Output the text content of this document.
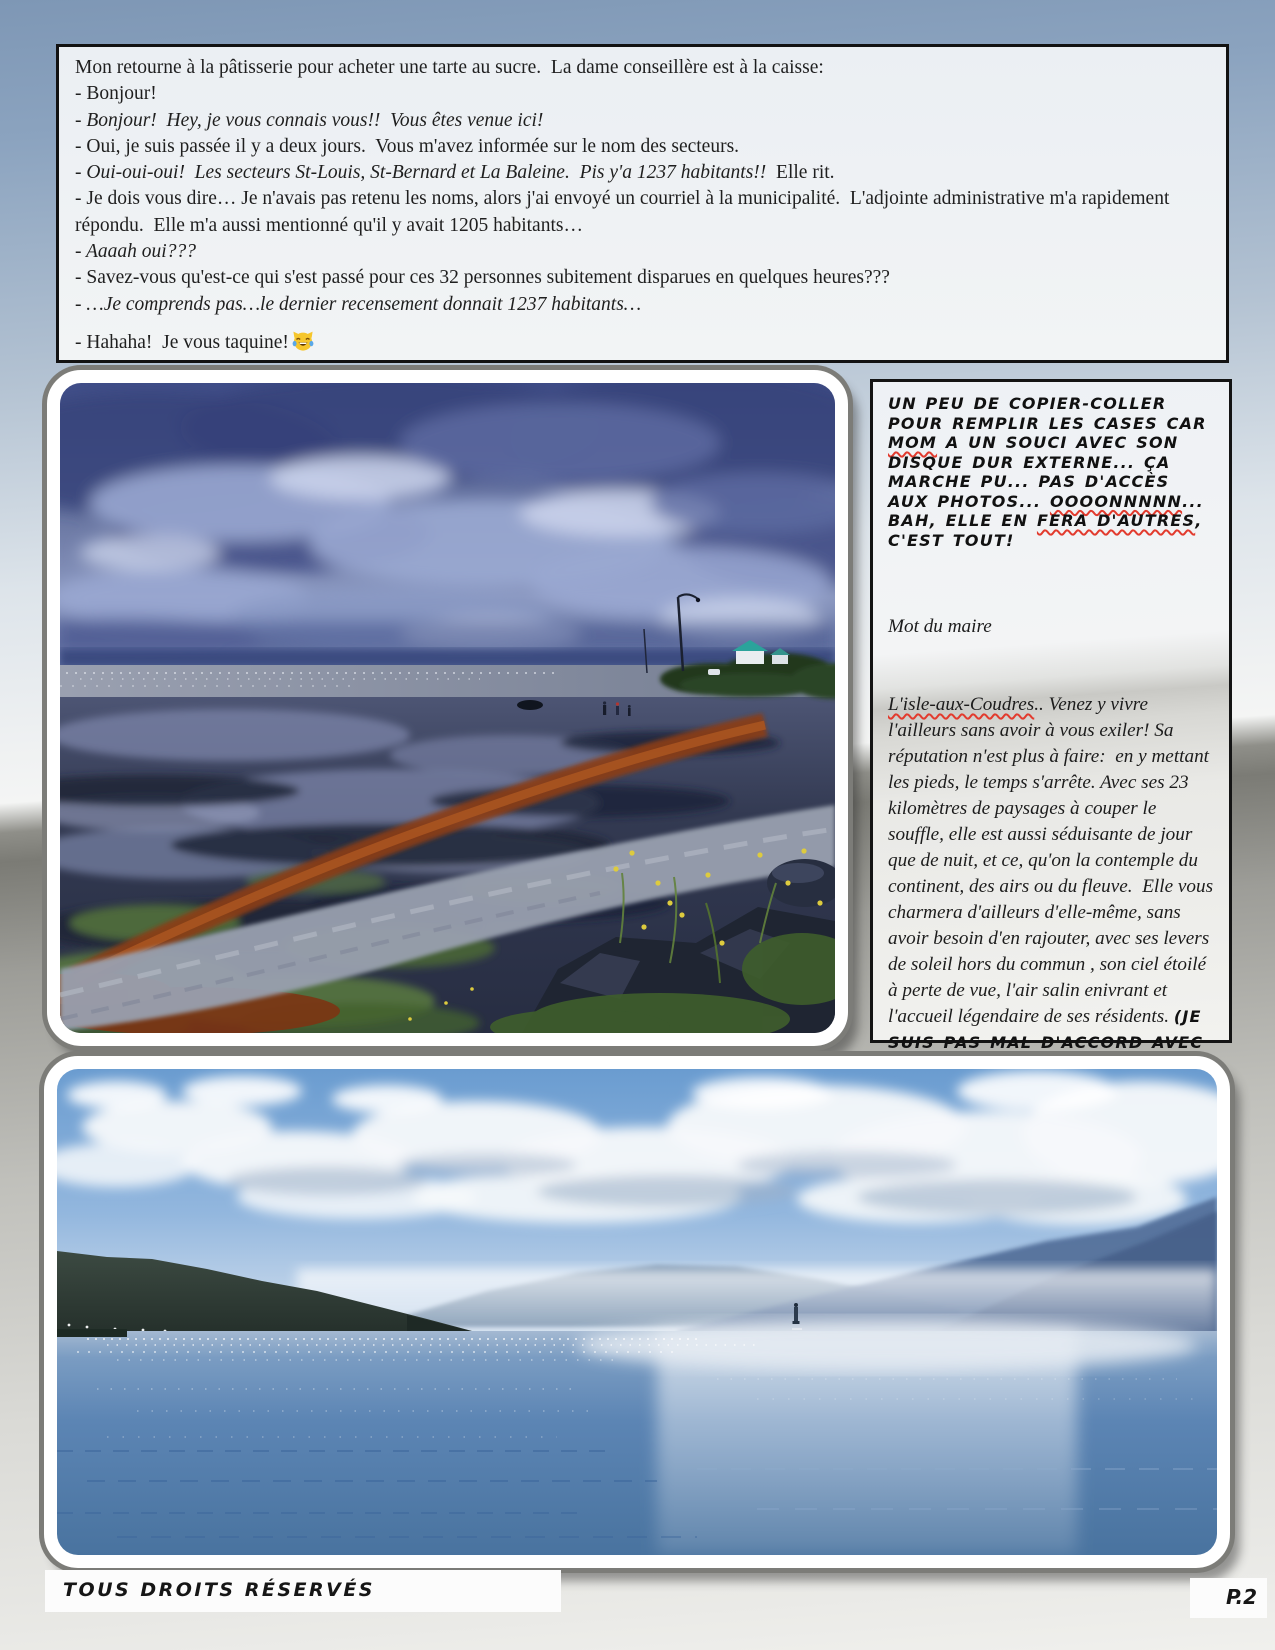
Mon retourne à la pâtisserie pour acheter une tarte au sucre.  La dame conseillère est à la caisse:

- Bonjour!

- Bonjour!  Hey, je vous connais vous!!  Vous êtes venue ici!

- Oui, je suis passée il y a deux jours.  Vous m'avez informée sur le nom des secteurs.

- Oui-oui-oui!  Les secteurs St-Louis, St-Bernard et La Baleine.  Pis y'a 1237 habitants!!  Elle rit.

- Je dois vous dire… Je n'avais pas retenu les noms, alors j'ai envoyé un courriel à la municipalité.  L'adjointe administrative m'a rapidement répondu.  Elle m'a aussi mentionné qu'il y avait 1205 habitants…

- Aaaah oui???

- Savez-vous qu'est-ce qui s'est passé pour ces 32 personnes subitement disparues en quelques heures???

- …Je comprends pas…le dernier recensement donnait 1237 habitants…

- Hahaha!  Je vous taquine!

UN PEU DE COPIER-COLLER POUR REMPLIR LES CASES CAR MOM A UN SOUCI AVEC SON DISQUE DUR EXTERNE... ÇA MARCHE PU... PAS D'ACCÈS AUX PHOTOS... OOOONNNNN... BAH, ELLE EN FERA D'AUTRES, C'EST TOUT!

Mot du maire

L'isle-aux-Coudres.. Venez y vivre l'ailleurs sans avoir à vous exiler! Sa réputation n'est plus à faire:  en y mettant les pieds, le temps s'arrête. Avec ses 23 kilomètres de paysages à couper le souffle, elle est aussi séduisante de jour que de nuit, et ce, qu'on la contemple du continent, des airs ou du fleuve.  Elle vous charmera d'ailleurs d'elle-même, sans avoir besoin d'en rajouter, avec ses levers de soleil hors du commun , son ciel étoilé à perte de vue, l'air salin enivrant et l'accueil légendaire de ses résidents. (JE SUIS PAS MAL D'ACCORD AVEC

TOUS DROITS RÉSERVÉS	P.2
